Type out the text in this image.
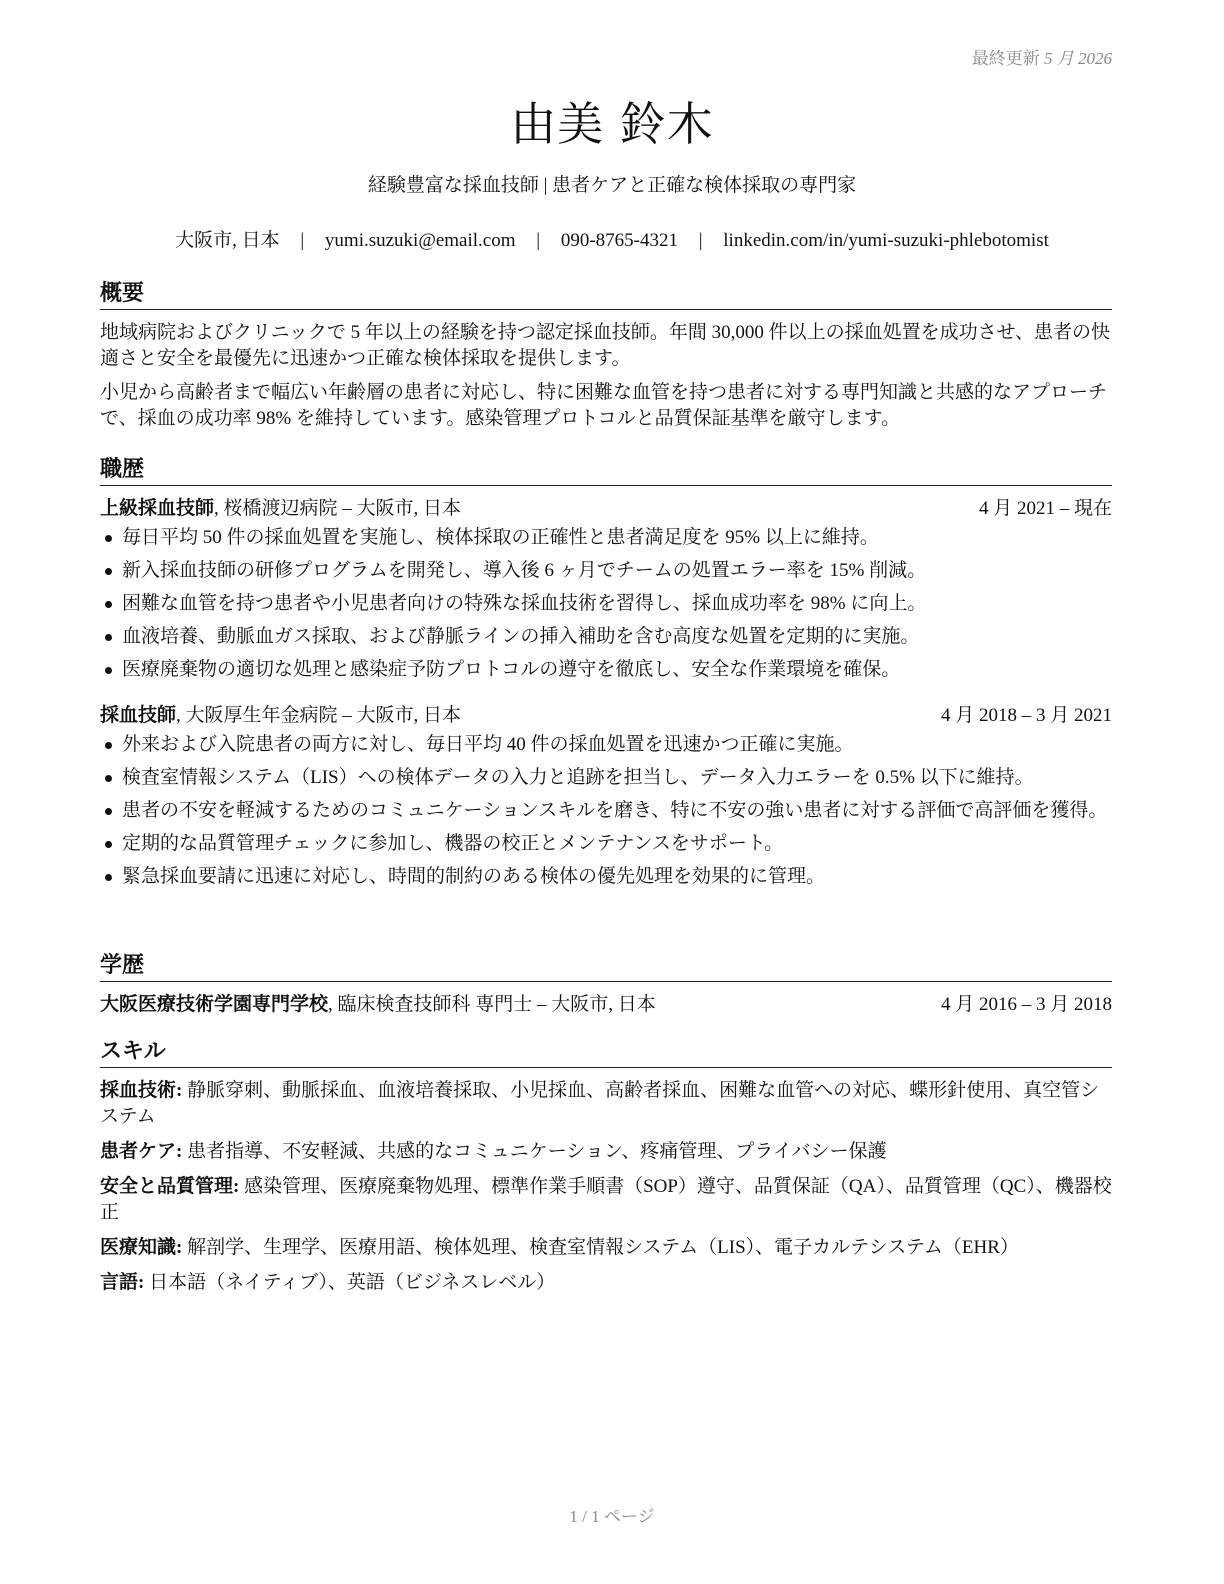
最終更新 5 月 2026
由美 鈴木
経験豊富な採血技師 | 患者ケアと正確な検体採取の専門家
大阪市, 日本 | yumi.suzuki@email.com | 090-8765-4321 | linkedin.com/in/yumi-suzuki-phlebotomist
概要

地域病院およびクリニックで 5 年以上の経験を持つ認定採血技師。年間 30,000 件以上の採血処置を成功させ、患者の快適さと安全を最優先に迅速かつ正確な検体採取を提供します。

小児から高齢者まで幅広い年齢層の患者に対応し、特に困難な血管を持つ患者に対する専門知識と共感的なアプローチで、採血の成功率 98% を維持しています。感染管理プロトコルと品質保証基準を厳守します。

職歴
上級採血技師, 桜橋渡辺病院 – 大阪市, 日本	4 月 2021 – 現在
毎日平均 50 件の採血処置を実施し、検体採取の正確性と患者満足度を 95% 以上に維持。
新入採血技師の研修プログラムを開発し、導入後 6 ヶ月でチームの処置エラー率を 15% 削減。
困難な血管を持つ患者や小児患者向けの特殊な採血技術を習得し、採血成功率を 98% に向上。
血液培養、動脈血ガス採取、および静脈ラインの挿入補助を含む高度な処置を定期的に実施。
医療廃棄物の適切な処理と感染症予防プロトコルの遵守を徹底し、安全な作業環境を確保。
採血技師, 大阪厚生年金病院 – 大阪市, 日本	4 月 2018 – 3 月 2021
外来および入院患者の両方に対し、毎日平均 40 件の採血処置を迅速かつ正確に実施。
検査室情報システム（LIS）への検体データの入力と追跡を担当し、データ入力エラーを 0.5% 以下に維持。
患者の不安を軽減するためのコミュニケーションスキルを磨き、特に不安の強い患者に対する評価で高評価を獲得。
定期的な品質管理チェックに参加し、機器の校正とメンテナンスをサポート。
緊急採血要請に迅速に対応し、時間的制約のある検体の優先処理を効果的に管理。
学歴
大阪医療技術学園専門学校, 臨床検査技師科 専門士 – 大阪市, 日本	4 月 2016 – 3 月 2018
スキル
採血技術: 静脈穿刺、動脈採血、血液培養採取、小児採血、高齢者採血、困難な血管への対応、蝶形針使用、真空管システム
患者ケア: 患者指導、不安軽減、共感的なコミュニケーション、疼痛管理、プライバシー保護
安全と品質管理: 感染管理、医療廃棄物処理、標準作業手順書（SOP）遵守、品質保証（QA）、品質管理（QC）、機器校正
医療知識: 解剖学、生理学、医療用語、検体処理、検査室情報システム（LIS）、電子カルテシステム（EHR）
言語: 日本語（ネイティブ）、英語（ビジネスレベル）
1 / 1 ページ
